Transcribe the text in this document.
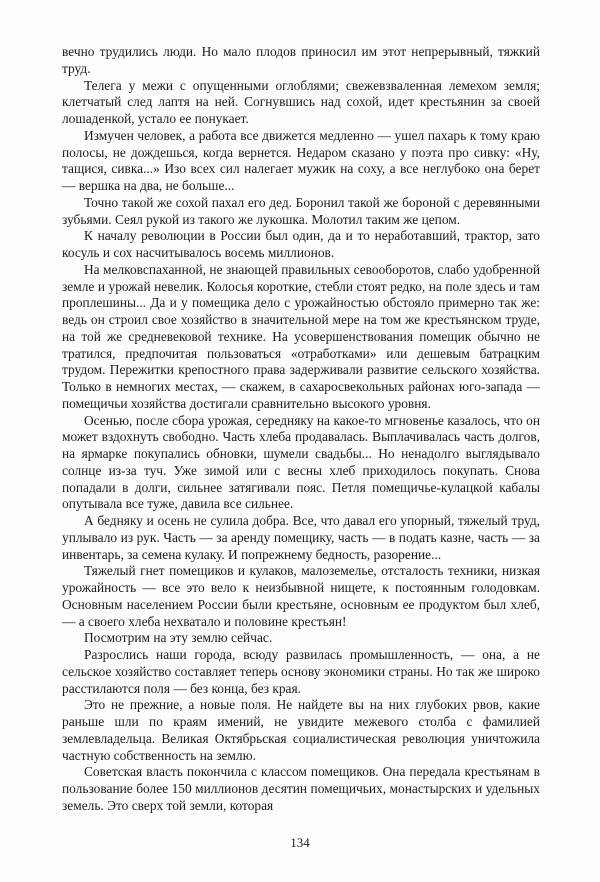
вечно трудились люди. Но мало плодов приносил им этот непрерывный, тяжкий труд.

Телега у межи с опущенными оглоблями; свежевзваленная лемехом земля; клетчатый след лаптя на ней. Согнувшись над сохой, идет крестьянин за своей лошаденкой, устало ее понукает.

Измучен человек, а работа все движется медленно — ушел пахарь к тому краю полосы, не дождешься, когда вернется. Недаром сказано у поэта про сивку: «Ну, тащися, сивка...» Изо всех сил налегает мужик на соху, а все неглубоко она берет — вершка на два, не больше...

Точно такой же сохой пахал его дед. Боронил такой же бороной с деревянными зубьями. Сеял рукой из такого же лукошка. Молотил таким же цепом.

К началу революции в России был один, да и то неработавший, трактор, зато косуль и сох насчитывалось восемь миллионов.

На мелковспаханной, не знающей правильных севооборотов, слабо удобренной земле и урожай невелик. Колосья короткие, стебли стоят редко, на поле здесь и там проплешины... Да и у помещика дело с урожайностью обстояло примерно так же: ведь он строил свое хозяйство в значительной мере на том же крестьянском труде, на той же средневековой технике. На усовершенствования помещик обычно не тратился, предпочитая пользоваться «отработками» или дешевым батрацким трудом. Пережитки крепостного права задерживали развитие сельского хозяйства. Только в немногих местах, — скажем, в сахаросвекольных районах юго-запада — помещичьи хозяйства достигали сравнительно высокого уровня.

Осенью, после сбора урожая, середняку на какое-то мгновенье казалось, что он может вздохнуть свободно. Часть хлеба продавалась. Выплачивалась часть долгов, на ярмарке покупались обновки, шумели свадьбы... Но ненадолго выглядывало солнце из-за туч. Уже зимой или с весны хлеб приходилось покупать. Снова попадали в долги, сильнее затягивали пояс. Петля помещичье-кулацкой кабалы опутывала все туже, давила все сильнее.

А бедняку и осень не сулила добра. Все, что давал его упорный, тяжелый труд, уплывало из рук. Часть — за аренду помещику, часть — в подать казне, часть — за инвентарь, за семена кулаку. И попрежнему бедность, разорение...

Тяжелый гнет помещиков и кулаков, малоземелье, отсталость техники, низкая урожайность — все это вело к неизбывной нищете, к постоянным голодовкам. Основным населением России были крестьяне, основным ее продуктом был хлеб, — а своего хлеба нехватало и половине крестьян!

Посмотрим на эту землю сейчас.

Разрослись наши города, всюду развилась промышленность, — она, а не сельское хозяйство составляет теперь основу экономики страны. Но так же широко расстилаются поля — без конца, без края.

Это не прежние, а новые поля. Не найдете вы на них глубоких рвов, какие раньше шли по краям имений, не увидите межевого столба с фамилией землевладельца. Великая Октябрьская социалистическая революция уничтожила частную собственность на землю.

Советская власть покончила с классом помещиков. Она передала крестьянам в пользование более 150 миллионов десятин помещичьих, монастырских и удельных земель. Это сверх той земли, которая

134
